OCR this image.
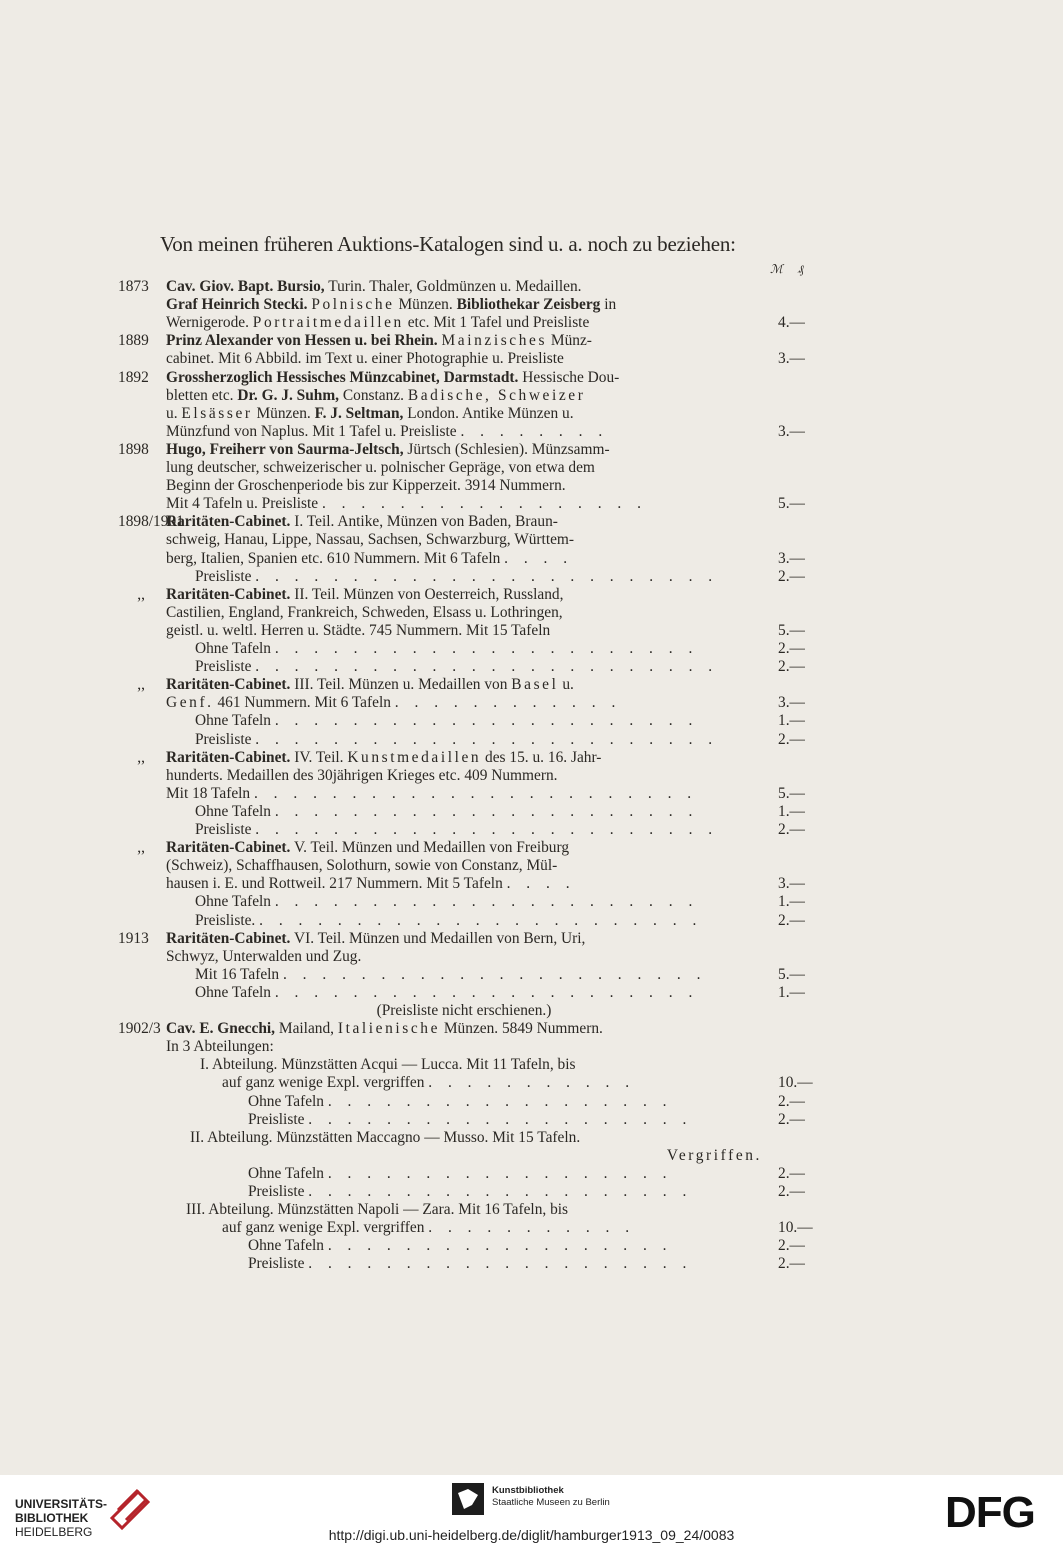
Von meinen früheren Auktions-Katalogen sind u. a. noch zu beziehen:
ℳ ₰
1873 Cav. Giov. Bapt. Bursio, Turin. Thaler, Goldmünzen u. Medaillen.
Graf Heinrich Stecki. Polnische Münzen. Bibliothekar Zeisberg in
Wernigerode. Portraitmedaillen etc. Mit 1 Tafel und Preisliste	4.—
1889 Prinz Alexander von Hessen u. bei Rhein. Mainzisches Münz-
cabinet. Mit 6 Abbild. im Text u. einer Photographie u. Preisliste	3.—
1892 Grossherzoglich Hessisches Münzcabinet, Darmstadt. Hessische Dou-
bletten etc. Dr. G. J. Suhm, Constanz. Badische, Schweizer
u. Elsässer Münzen. F. J. Seltman, London. Antike Münzen u.
Münzfund von Naplus. Mit 1 Tafel u. Preisliste . . . . . . . .	3.—
1898 Hugo, Freiherr von Saurma-Jeltsch, Jürtsch (Schlesien). Münzsamm-
lung deutscher, schweizerischer u. polnischer Gepräge, von etwa dem
Beginn der Groschenperiode bis zur Kipperzeit. 3914 Nummern.
Mit 4 Tafeln u. Preisliste . . . . . . . . . . . . . . . . .	5.—
1898/1901
Raritäten-Cabinet. I. Teil. Antike, Münzen von Baden, Braun-
schweig, Hanau, Lippe, Nassau, Sachsen, Schwarzburg, Württem-
berg, Italien, Spanien etc. 610 Nummern. Mit 6 Tafeln . . . .	3.—
Preisliste . . . . . . . . . . . . . . . . . . . . . . . .	2.—
,, Raritäten-Cabinet. II. Teil. Münzen von Oesterreich, Russland,
Castilien, England, Frankreich, Schweden, Elsass u. Lothringen,
geistl. u. weltl. Herren u. Städte. 745 Nummern. Mit 15 Tafeln	5.—
Ohne Tafeln . . . . . . . . . . . . . . . . . . . . . .	2.—
Preisliste . . . . . . . . . . . . . . . . . . . . . . . .	2.—
,, Raritäten-Cabinet. III. Teil. Münzen u. Medaillen von Basel u.
Genf. 461 Nummern. Mit 6 Tafeln . . . . . . . . . . . .	3.—
Ohne Tafeln . . . . . . . . . . . . . . . . . . . . . .	1.—
Preisliste . . . . . . . . . . . . . . . . . . . . . . . .	2.—
,, Raritäten-Cabinet. IV. Teil. Kunstmedaillen des 15. u. 16. Jahr-
hunderts. Medaillen des 30jährigen Krieges etc. 409 Nummern.
Mit 18 Tafeln . . . . . . . . . . . . . . . . . . . . . . .	5.—
Ohne Tafeln . . . . . . . . . . . . . . . . . . . . . .	1.—
Preisliste . . . . . . . . . . . . . . . . . . . . . . . .	2.—
,, Raritäten-Cabinet. V. Teil. Münzen und Medaillen von Freiburg
(Schweiz), Schaffhausen, Solothurn, sowie von Constanz, Mül-
hausen i. E. und Rottweil. 217 Nummern. Mit 5 Tafeln . . . .	3.—
Ohne Tafeln . . . . . . . . . . . . . . . . . . . . . .	1.—
Preisliste. . . . . . . . . . . . . . . . . . . . . . . .	2.—
1913 Raritäten-Cabinet. VI. Teil. Münzen und Medaillen von Bern, Uri,
Schwyz, Unterwalden und Zug.
Mit 16 Tafeln . . . . . . . . . . . . . . . . . . . . . .	5.—
Ohne Tafeln . . . . . . . . . . . . . . . . . . . . . .	1.—
(Preisliste nicht erschienen.)
1902/3 Cav. E. Gnecchi, Mailand, Italienische Münzen. 5849 Nummern.
In 3 Abteilungen:
I. Abteilung. Münzstätten Acqui — Lucca. Mit 11 Tafeln, bis
auf ganz wenige Expl. vergriffen . . . . . . . . . . .	10.—
Ohne Tafeln . . . . . . . . . . . . . . . . . .	2.—
Preisliste . . . . . . . . . . . . . . . . . . . .	2.—
II. Abteilung. Münzstätten Maccagno — Musso. Mit 15 Tafeln.
Vergriffen.
Ohne Tafeln . . . . . . . . . . . . . . . . . .	2.—
Preisliste . . . . . . . . . . . . . . . . . . . .	2.—
III. Abteilung. Münzstätten Napoli — Zara. Mit 16 Tafeln, bis
auf ganz wenige Expl. vergriffen . . . . . . . . . . .	10.—
Ohne Tafeln . . . . . . . . . . . . . . . . . .	2.—
Preisliste . . . . . . . . . . . . . . . . . . . .	2.—
UNIVERSITÄTS-
BIBLIOTHEK
HEIDELBERG
Kunstbibliothek
Staatliche Museen zu Berlin	DFG
http://digi.ub.uni-heidelberg.de/diglit/hamburger1913_09_24/0083
